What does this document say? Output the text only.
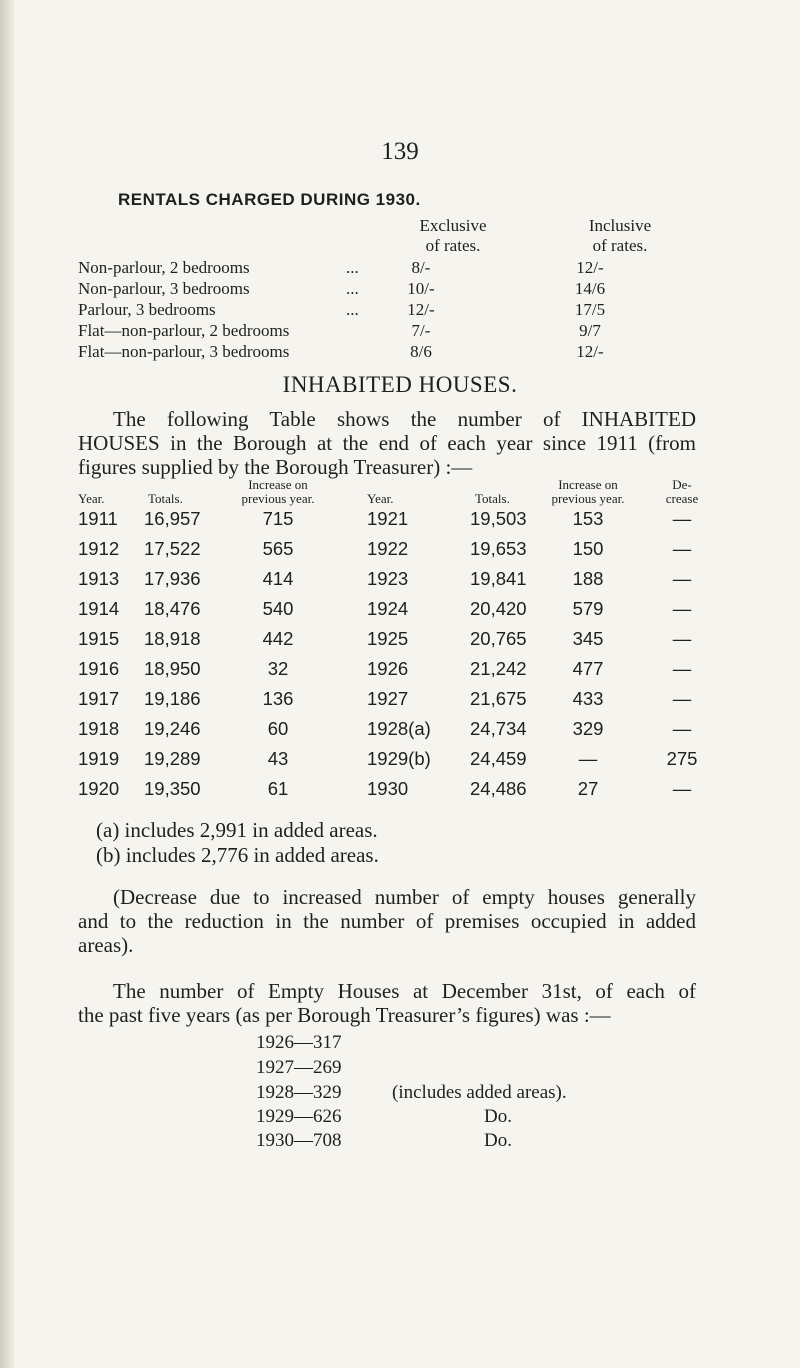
139
RENTALS CHARGED DURING 1930.
Exclusive
of rates.
Inclusive
of rates.
Non-parlour, 2 bedrooms	...	8/-	12/-
Non-parlour, 3 bedrooms	...	10/-	14/6
Parlour, 3 bedrooms	...	12/-	17/5
Flat—non-parlour, 2 bedrooms	7/-	9/7
Flat—non-parlour, 3 bedrooms	8/6	12/-
INHABITED HOUSES.
The following Table shows the number of INHABITED
HOUSES in the Borough at the end of each year since 1911 (from
figures supplied by the Borough Treasurer) :—
Year.	Totals.
Increase on
previous year.	Year.	Totals.
Increase on
previous year.
De-
crease
1911 16,957	715	1921	19,503	153	—
1912 17,522	565	1922	19,653	150	—
1913 17,936	414	1923	19,841	188	—
1914 18,476	540	1924	20,420	579	—
1915 18,918	442	1925	20,765	345	—
1916 18,950	32	1926	21,242	477	—
1917 19,186	136	1927	21,675	433	—
1918 19,246	60	1928(a) 24,734	329	—
1919 19,289	43	1929(b) 24,459	—	275
1920 19,350	61	1930	24,486	27	—
(a) includes 2,991 in added areas.
(b) includes 2,776 in added areas.
(Decrease due to increased number of empty houses generally
and to the reduction in the number of premises occupied in added
areas).
The number of Empty Houses at December 31st, of each of
the past five years (as per Borough Treasurer’s figures) was :—
1926—317
1927—269
1928—329	(includes added areas).
1929—626	Do.
1930—708	Do.
